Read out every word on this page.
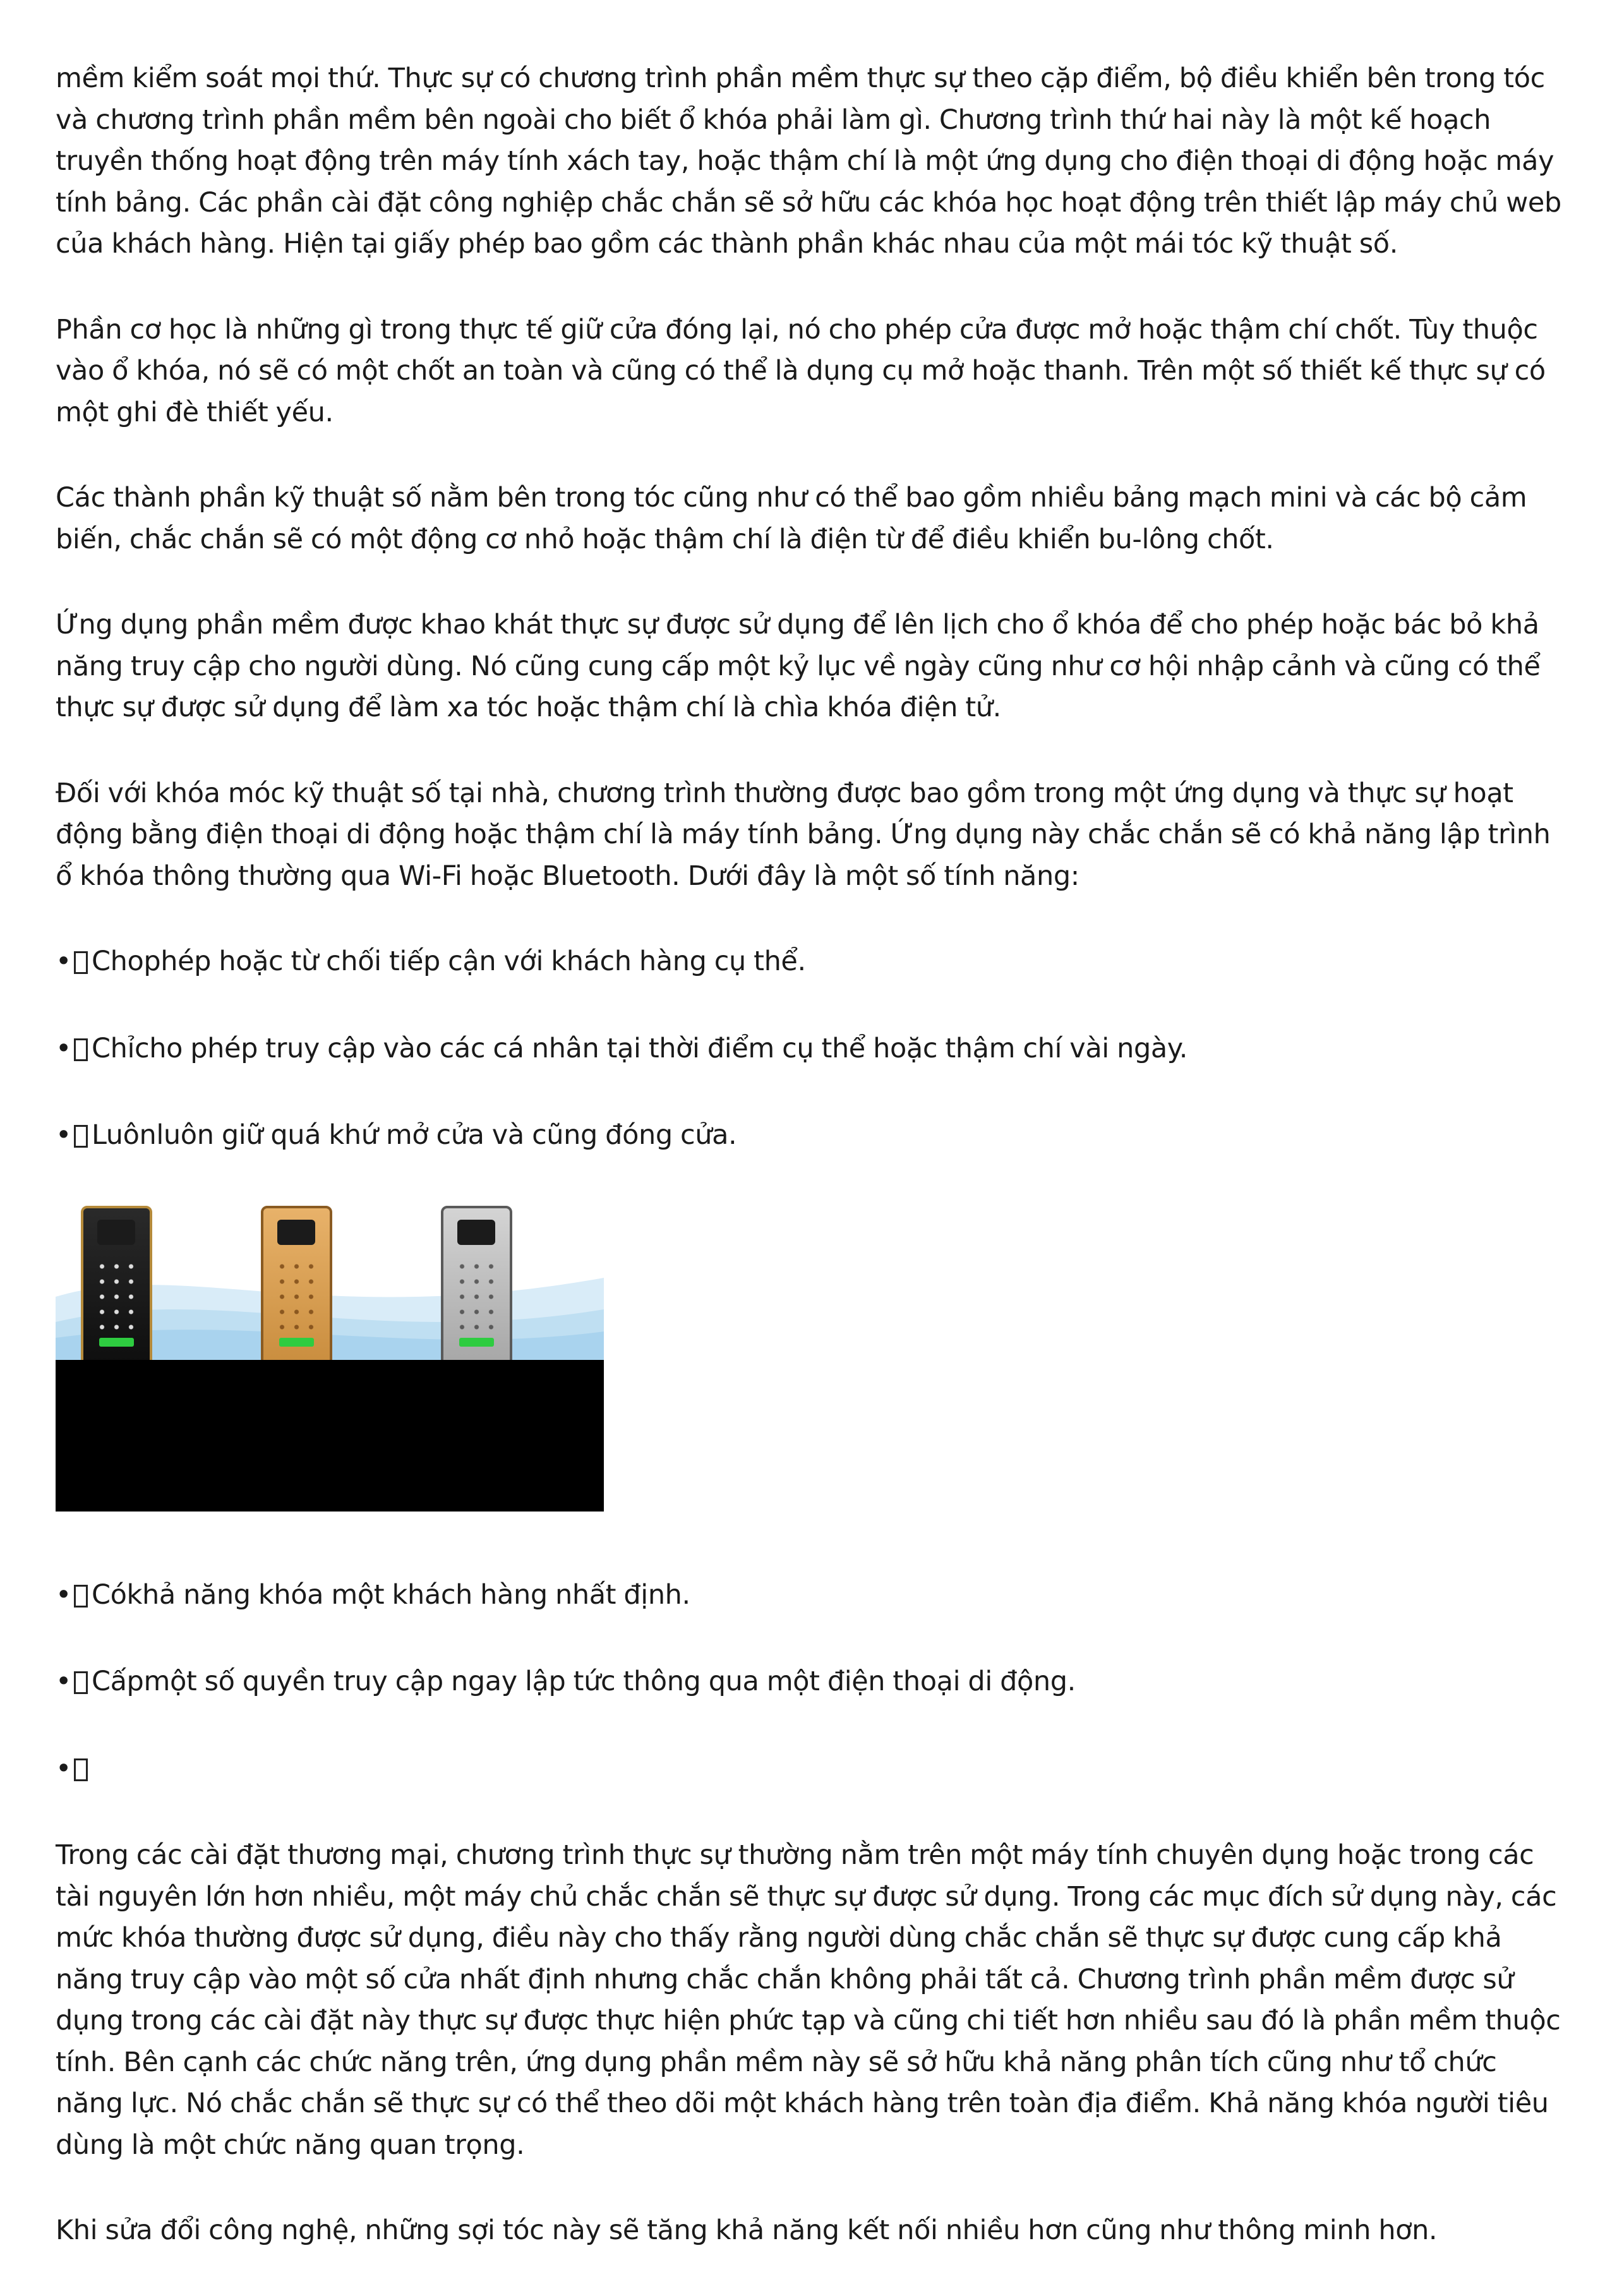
mềm kiểm soát mọi thứ. Thực sự có chương trình phần mềm thực sự theo cặp điểm, bộ điều khiển bên trong tóc và chương trình phần mềm bên ngoài cho biết ổ khóa phải làm gì. Chương trình thứ hai này là một kế hoạch truyền thống hoạt động trên máy tính xách tay, hoặc thậm chí là một ứng dụng cho điện thoại di động hoặc máy tính bảng. Các phần cài đặt công nghiệp chắc chắn sẽ sở hữu các khóa học hoạt động trên thiết lập máy chủ web của khách hàng. Hiện tại giấy phép bao gồm các thành phần khác nhau của một mái tóc kỹ thuật số.

Phần cơ học là những gì trong thực tế giữ cửa đóng lại, nó cho phép cửa được mở hoặc thậm chí chốt. Tùy thuộc vào ổ khóa, nó sẽ có một chốt an toàn và cũng có thể là dụng cụ mở hoặc thanh. Trên một số thiết kế thực sự có một ghi đè thiết yếu.

Các thành phần kỹ thuật số nằm bên trong tóc cũng như có thể bao gồm nhiều bảng mạch mini và các bộ cảm biến, chắc chắn sẽ có một động cơ nhỏ hoặc thậm chí là điện từ để điều khiển bu-lông chốt.

Ứng dụng phần mềm được khao khát thực sự được sử dụng để lên lịch cho ổ khóa để cho phép hoặc bác bỏ khả năng truy cập cho người dùng. Nó cũng cung cấp một kỷ lục về ngày cũng như cơ hội nhập cảnh và cũng có thể thực sự được sử dụng để làm xa tóc hoặc thậm chí là chìa khóa điện tử.

Đối với khóa móc kỹ thuật số tại nhà, chương trình thường được bao gồm trong một ứng dụng và thực sự hoạt động bằng điện thoại di động hoặc thậm chí là máy tính bảng. Ứng dụng này chắc chắn sẽ có khả năng lập trình ổ khóa thông thường qua Wi-Fi hoặc Bluetooth. Dưới đây là một số tính năng:

• Chophép hoặc từ chối tiếp cận với khách hàng cụ thể.

• Chỉcho phép truy cập vào các cá nhân tại thời điểm cụ thể hoặc thậm chí vài ngày.

• Luônluôn giữ quá khứ mở cửa và cũng đóng cửa.

• Cókhả năng khóa một khách hàng nhất định.

• Cấpmột số quyền truy cập ngay lập tức thông qua một điện thoại di động.

•

Trong các cài đặt thương mại, chương trình thực sự thường nằm trên một máy tính chuyên dụng hoặc trong các tài nguyên lớn hơn nhiều, một máy chủ chắc chắn sẽ thực sự được sử dụng. Trong các mục đích sử dụng này, các mức khóa thường được sử dụng, điều này cho thấy rằng người dùng chắc chắn sẽ thực sự được cung cấp khả năng truy cập vào một số cửa nhất định nhưng chắc chắn không phải tất cả. Chương trình phần mềm được sử dụng trong các cài đặt này thực sự được thực hiện phức tạp và cũng chi tiết hơn nhiều sau đó là phần mềm thuộc tính. Bên cạnh các chức năng trên, ứng dụng phần mềm này sẽ sở hữu khả năng phân tích cũng như tổ chức năng lực. Nó chắc chắn sẽ thực sự có thể theo dõi một khách hàng trên toàn địa điểm. Khả năng khóa người tiêu dùng là một chức năng quan trọng.

Khi sửa đổi công nghệ, những sợi tóc này sẽ tăng khả năng kết nối nhiều hơn cũng như thông minh hơn.
